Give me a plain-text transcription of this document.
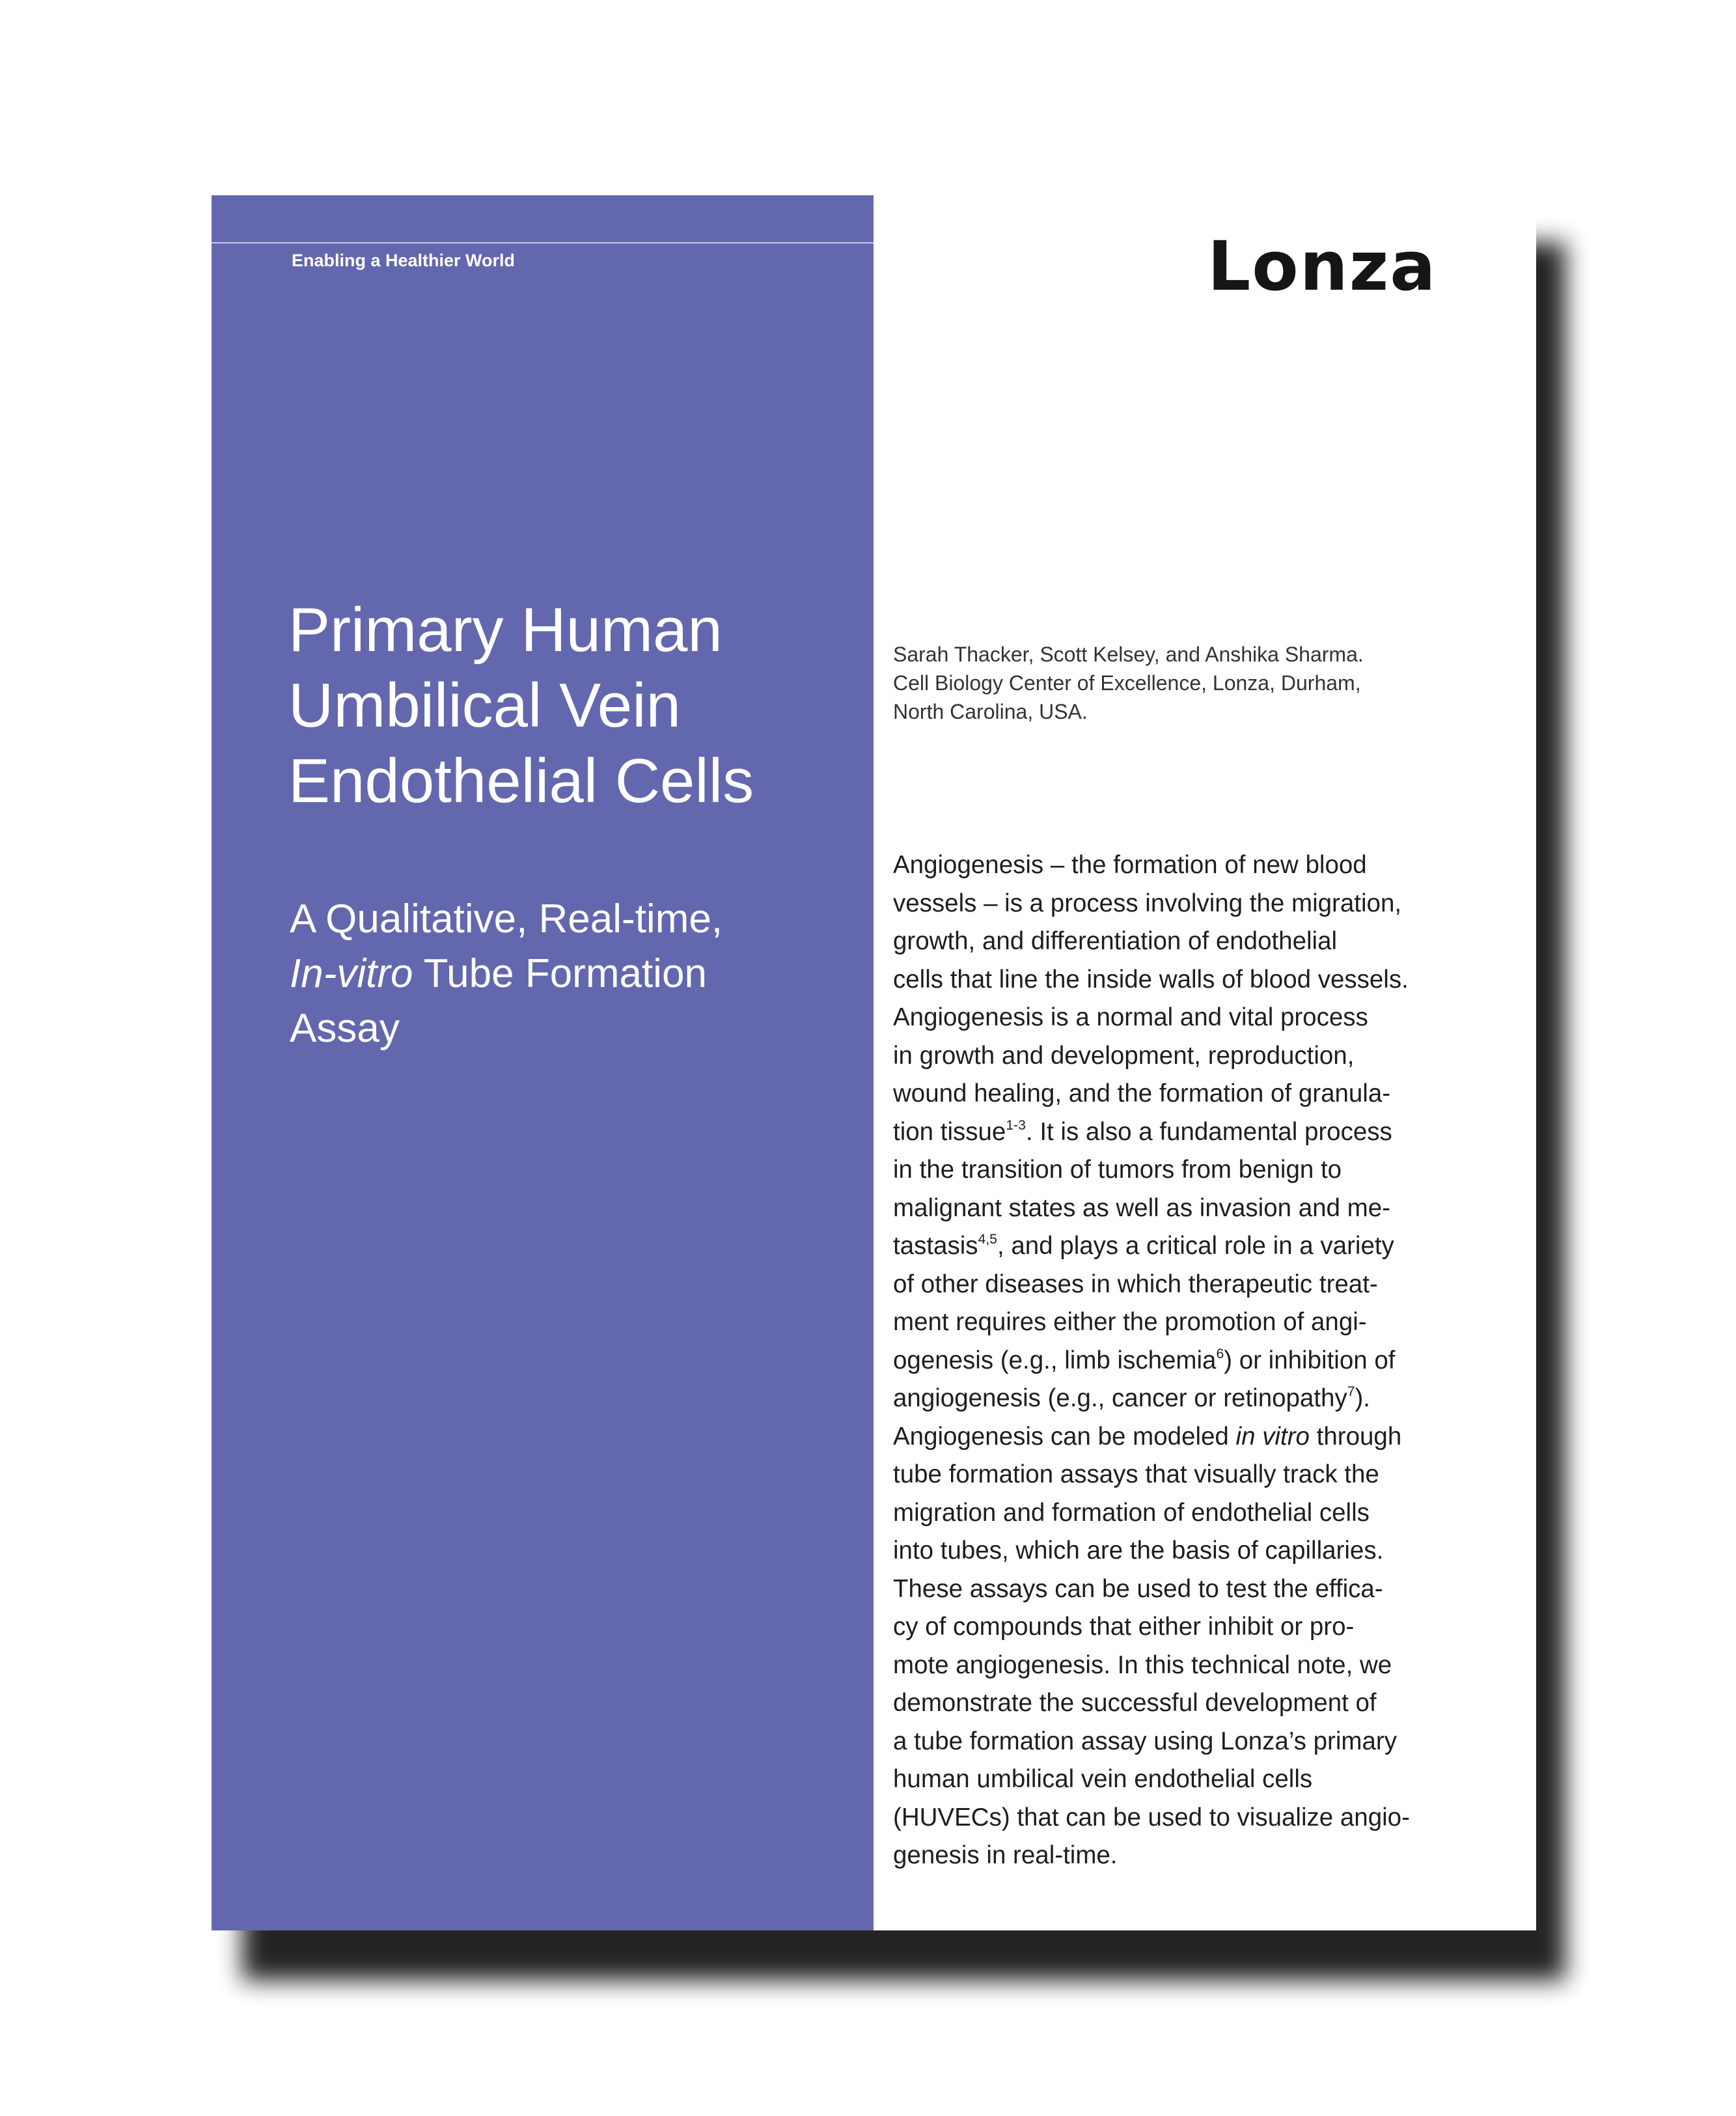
Enabling a Healthier World
Primary Human
Umbilical Vein
Endothelial Cells
A Qualitative, Real-time,
In-vitro Tube Formation
Assay
Lonza
Sarah Thacker, Scott Kelsey, and Anshika Sharma.
Cell Biology Center of Excellence, Lonza, Durham,
North Carolina, USA.
Angiogenesis – the formation of new blood
vessels – is a process involving the migration,
growth, and differentiation of endothelial
cells that line the inside walls of blood vessels.
Angiogenesis is a normal and vital process
in growth and development, reproduction,
wound healing, and the formation of granula-
tion tissue$^{1-3}$. It is also a fundamental process
in the transition of tumors from benign to
malignant states as well as invasion and me-
tastasis$^{4,5}$, and plays a critical role in a variety
of other diseases in which therapeutic treat-
ment requires either the promotion of angi-
ogenesis (e.g., limb ischemia$^6$) or inhibition of
angiogenesis (e.g., cancer or retinopathy$^7$).
Angiogenesis can be modeled in vitro through
tube formation assays that visually track the
migration and formation of endothelial cells
into tubes, which are the basis of capillaries.
These assays can be used to test the effica-
cy of compounds that either inhibit or pro-
mote angiogenesis. In this technical note, we
demonstrate the successful development of
a tube formation assay using Lonza’s primary
human umbilical vein endothelial cells
(HUVECs) that can be used to visualize angio-
genesis in real-time.
